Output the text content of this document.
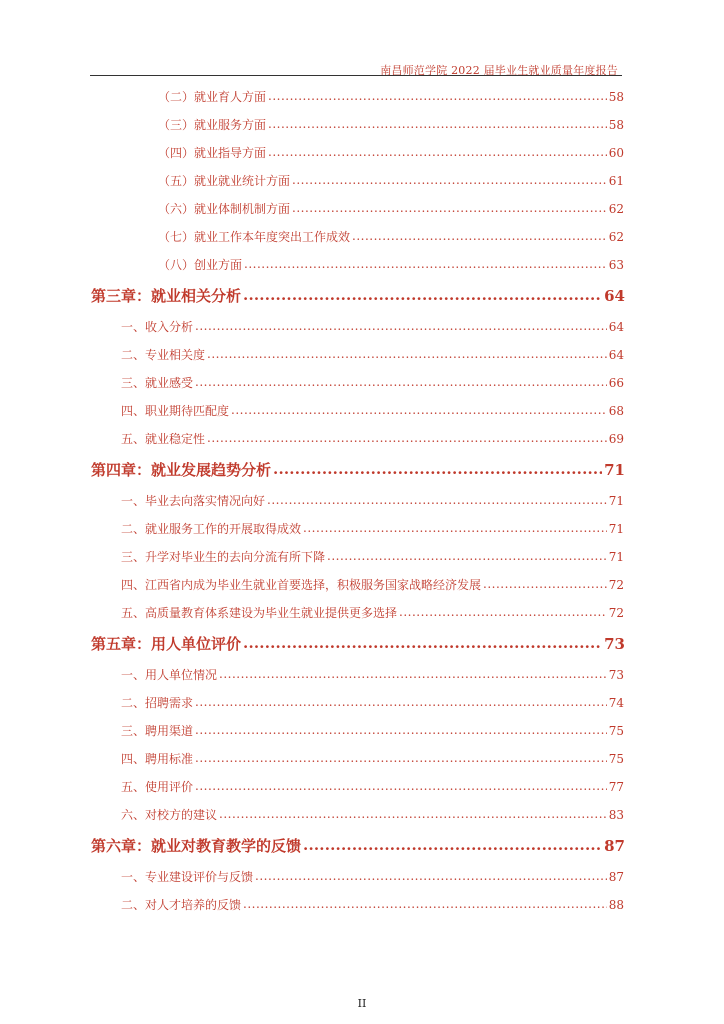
南昌师范学院 2022 届毕业生就业质量年度报告
（二）就业育人方面 .....	58
（三）就业服务方面 .....	58
（四）就业指导方面 .....	60
（五）就业就业统计方面 .....	61
（六）就业体制机制方面 .....	62
（七）就业工作本年度突出工作成效 .....	62
（八）创业方面 .....	63
第三章：就业相关分析 .....	64
一、收入分析 .....	64
二、专业相关度 .....	64
三、就业感受 .....	66
四、职业期待匹配度 .....	68
五、就业稳定性 .....	69
第四章：就业发展趋势分析 .....	71
一、毕业去向落实情况向好 .....	71
二、就业服务工作的开展取得成效 .....	71
三、升学对毕业生的去向分流有所下降 .....	71
四、江西省内成为毕业生就业首要选择，积极服务国家战略经济发展 .....	72
五、高质量教育体系建设为毕业生就业提供更多选择 .....	72
第五章：用人单位评价 .....	73
一、用人单位情况 .....	73
二、招聘需求 .....	74
三、聘用渠道 .....	75
四、聘用标准 .....	75
五、使用评价 .....	77
六、对校方的建议 .....	83
第六章：就业对教育教学的反馈 .....	87
一、专业建设评价与反馈 .....	87
二、对人才培养的反馈 .....	88
II
